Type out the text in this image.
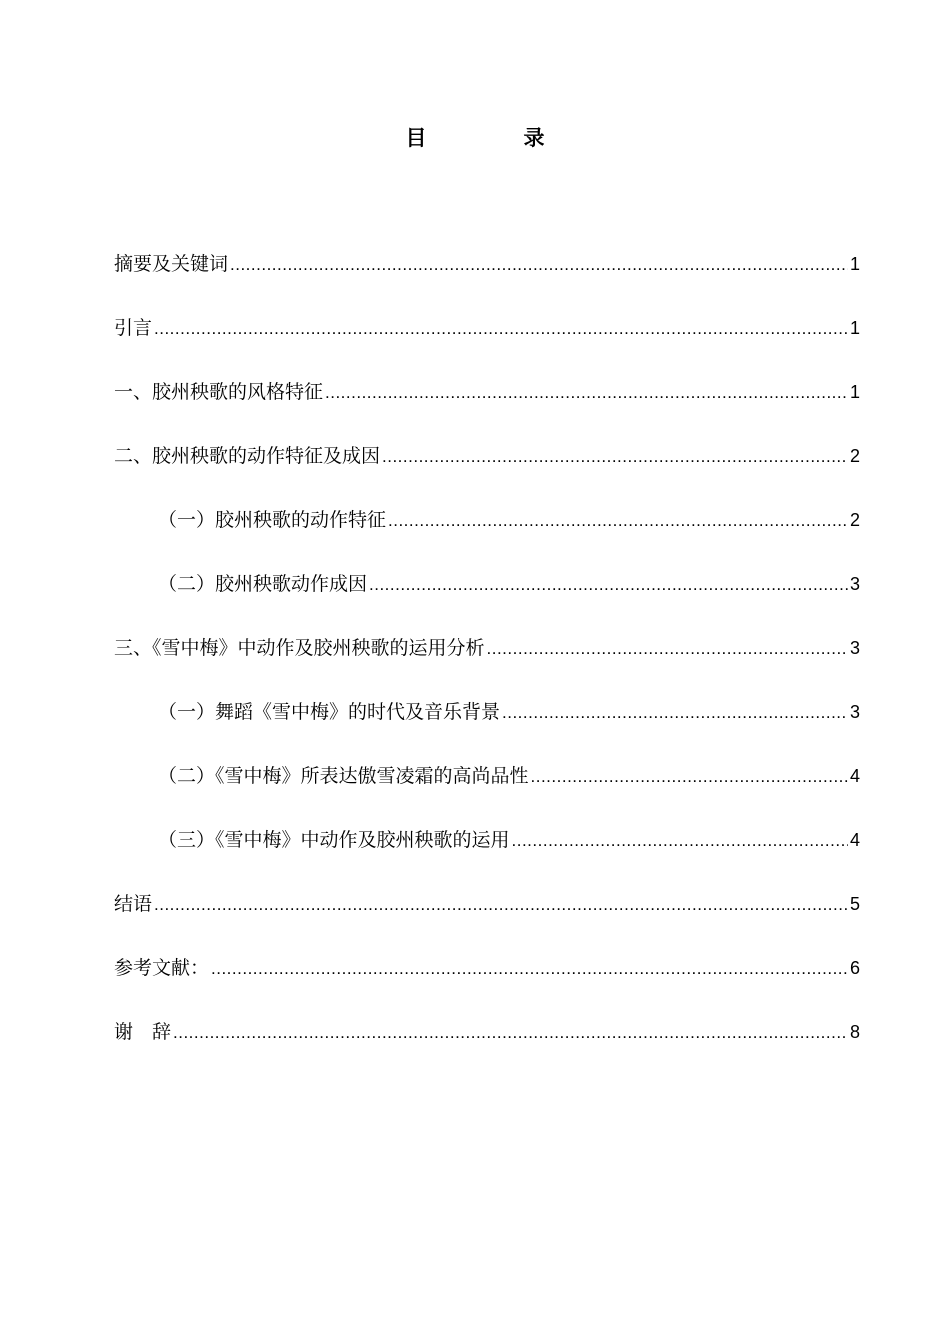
目　录
摘要及关键词 .....	1
引言 .....	1
一、胶州秧歌的风格特征 .....	1
二、胶州秧歌的动作特征及成因 .....	2
（一）胶州秧歌的动作特征 .....	2
（二）胶州秧歌动作成因 .....	3
三、《雪中梅》中动作及胶州秧歌的运用分析 .....	3
（一）舞蹈《雪中梅》的时代及音乐背景 .....	3
（二）《雪中梅》所表达傲雪凌霜的高尚品性 .....	4
（三）《雪中梅》中动作及胶州秧歌的运用 .....	4
结语 .....	5
参考文献： .....	6
谢　辞 .....	8
